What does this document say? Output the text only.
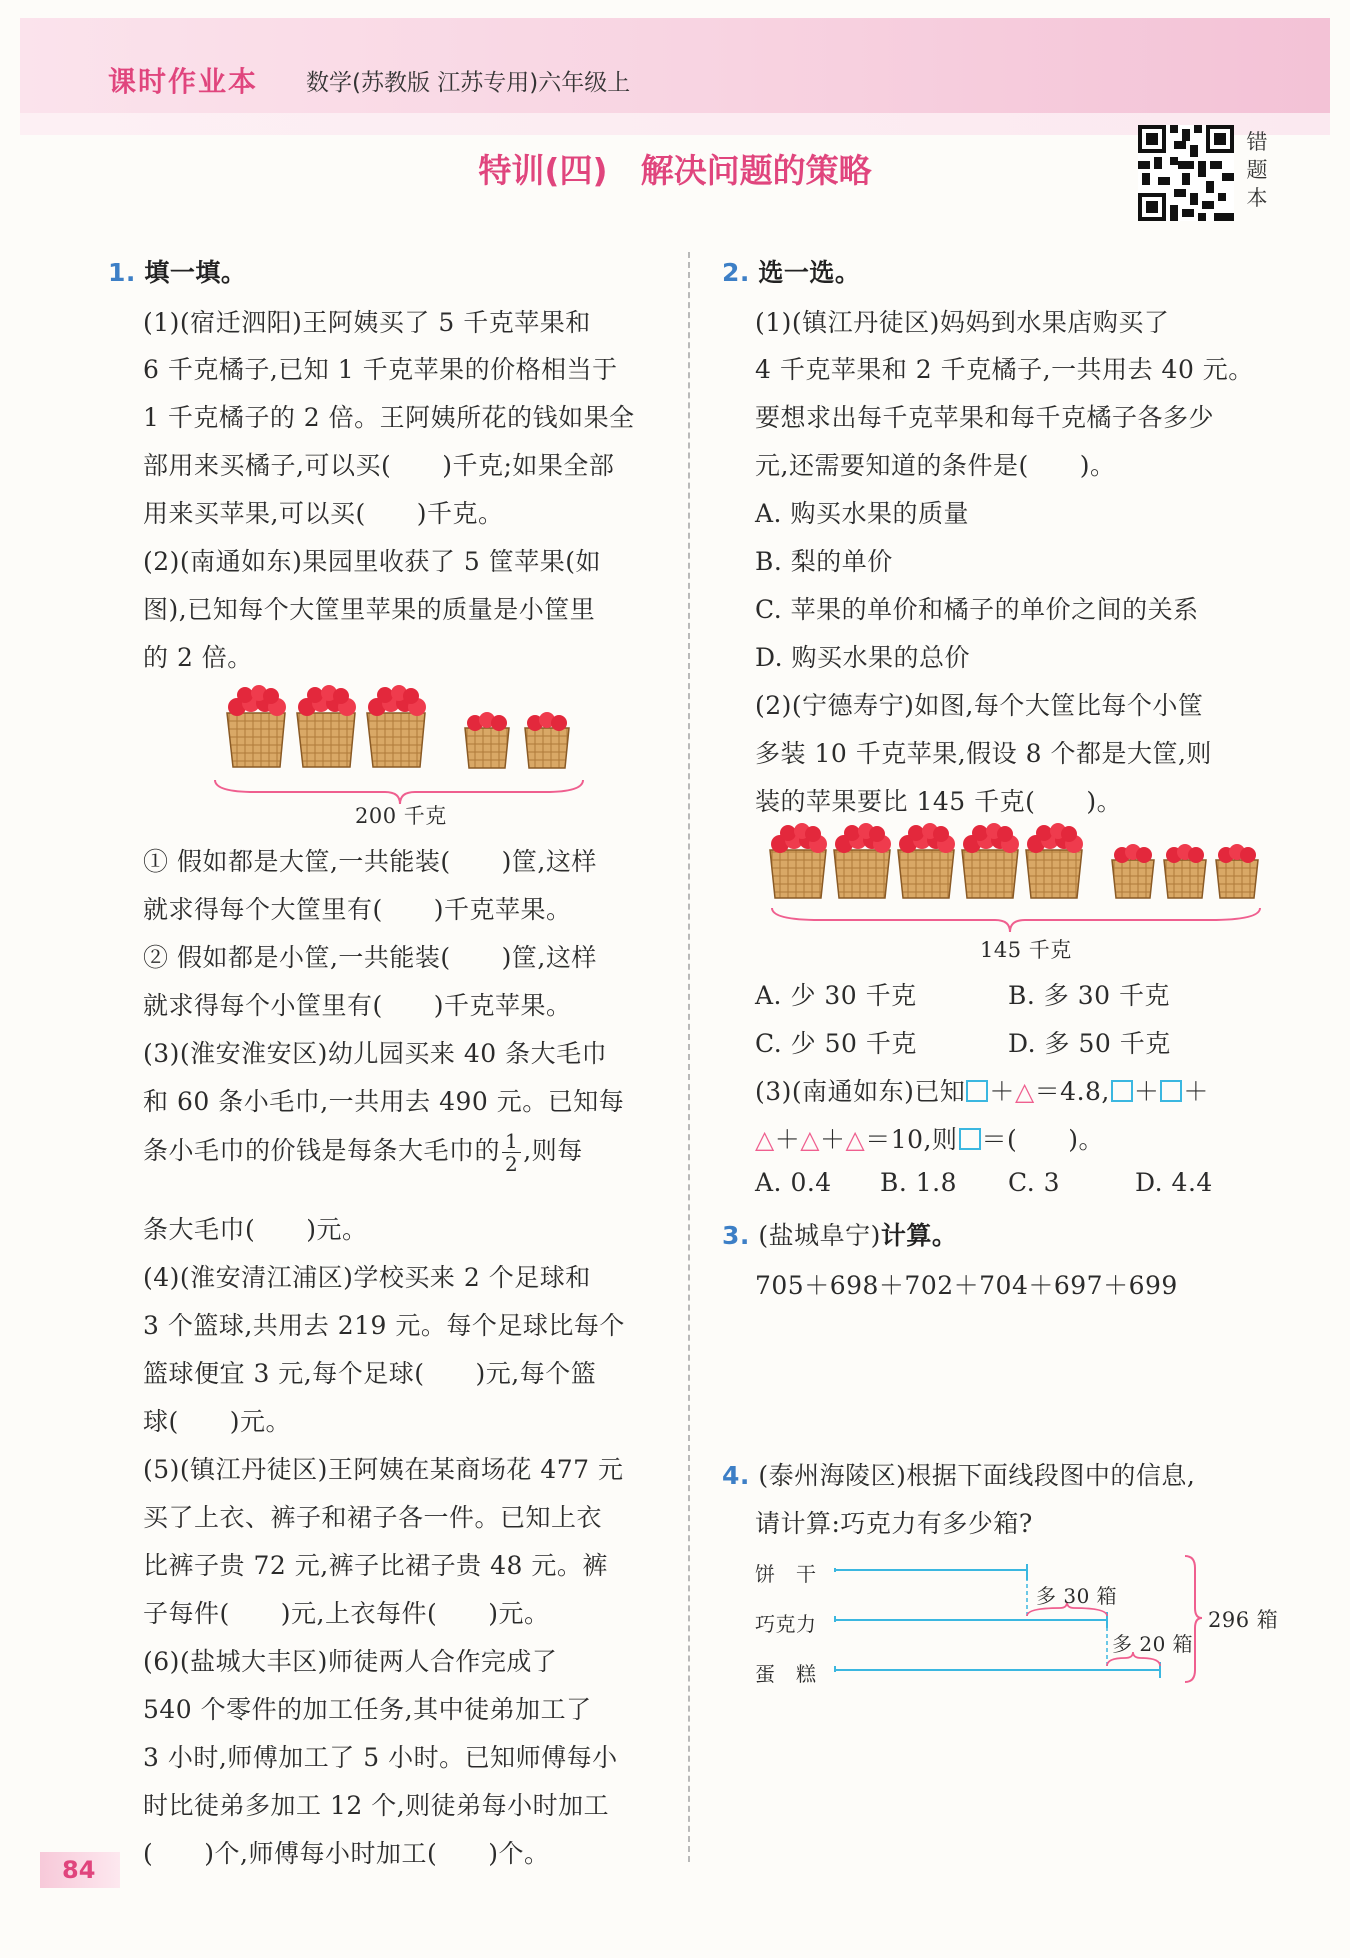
课时作业本 数学(苏教版 江苏专用)六年级上
特训(四)　解决问题的策略
错
题
本
1. 填一填。
(1)(宿迁泗阳)王阿姨买了 5 千克苹果和
6 千克橘子,已知 1 千克苹果的价格相当于
1 千克橘子的 2 倍。王阿姨所花的钱如果全
部用来买橘子,可以买(　　)千克;如果全部
用来买苹果,可以买(　　)千克。
(2)(南通如东)果园里收获了 5 筐苹果(如
图),已知每个大筐里苹果的质量是小筐里
的 2 倍。
200 千克
① 假如都是大筐,一共能装(　　)筐,这样
就求得每个大筐里有(　　)千克苹果。
② 假如都是小筐,一共能装(　　)筐,这样
就求得每个小筐里有(　　)千克苹果。
(3)(淮安淮安区)幼儿园买来 40 条大毛巾
和 60 条小毛巾,一共用去 490 元。已知每
条小毛巾的价钱是每条大毛巾的 $\frac{1}{2}$ ,则每
条大毛巾(　　)元。
(4)(淮安清江浦区)学校买来 2 个足球和
3 个篮球,共用去 219 元。每个足球比每个
篮球便宜 3 元,每个足球(　　)元,每个篮
球(　　)元。
(5)(镇江丹徒区)王阿姨在某商场花 477 元
买了上衣、裤子和裙子各一件。已知上衣
比裤子贵 72 元,裤子比裙子贵 48 元。裤
子每件(　　)元,上衣每件(　　)元。
(6)(盐城大丰区)师徒两人合作完成了
540 个零件的加工任务,其中徒弟加工了
3 小时,师傅加工了 5 小时。已知师傅每小
时比徒弟多加工 12 个,则徒弟每小时加工
(　　)个,师傅每小时加工(　　)个。
2. 选一选。
(1)(镇江丹徒区)妈妈到水果店购买了
4 千克苹果和 2 千克橘子,一共用去 40 元。
要想求出每千克苹果和每千克橘子各多少
元,还需要知道的条件是(　　)。
A. 购买水果的质量
B. 梨的单价
C. 苹果的单价和橘子的单价之间的关系
D. 购买水果的总价
(2)(宁德寿宁)如图,每个大筐比每个小筐
多装 10 千克苹果,假设 8 个都是大筐,则
装的苹果要比 145 千克(　　)。
145 千克
A. 少 30 千克	B. 多 30 千克
C. 少 50 千克	D. 多 50 千克
(3)(南通如东)已知 ＋△＝4.8, ＋ ＋
△＋△＋△＝10,则 ＝(　　)。
A. 0.4 B. 1.8 C. 3	D. 4.4
3. (盐城阜宁)计算。
705＋698＋702＋704＋697＋699
4. (泰州海陵区)根据下面线段图中的信息,
请计算:巧克力有多少箱?
饼　干
巧克力
蛋　糕
多 30 箱
多 20 箱
296 箱
84
